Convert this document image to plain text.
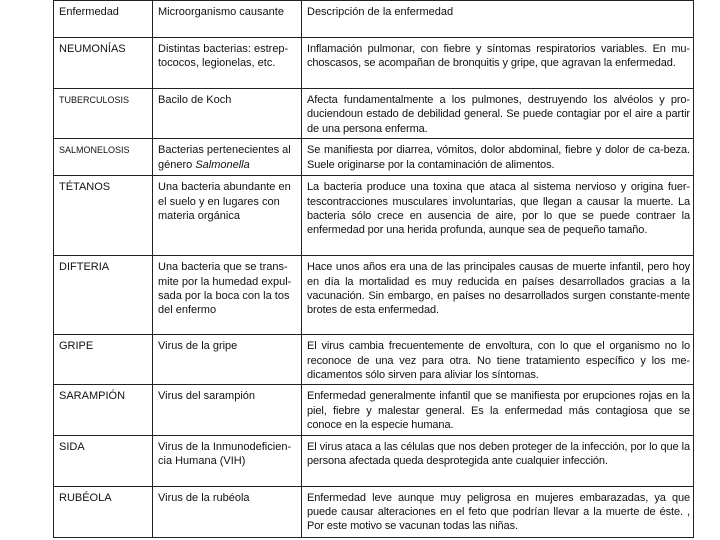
Enfermedad	Microorganismo causante	Descripción de la enfermedad
NEUMONÍAS	Distintas bacterias: estrep-tococos, legionelas, etc.	Inflamación pulmonar, con fiebre y síntomas respiratorios variables. En mu-choscasos, se acompañan de bronquitis y gripe, que agravan la enfermedad.
TUBERCULOSIS	Bacilo de Koch	Afecta fundamentalmente a los pulmones, destruyendo los alvéolos y pro-duciendoun estado de debilidad general. Se puede contagiar por el aire a partir de una persona enferma.
SALMONELOSIS	Bacterias pertenecientes al género Salmonella	Se manifiesta por diarrea, vómitos, dolor abdominal, fiebre y dolor de ca-beza. Suele originarse por la contaminación de alimentos.
TÉTANOS	Una bacteria abundante en el suelo y en lugares con materia orgánica	La bacteria produce una toxina que ataca al sistema nervioso y origina fuer-tescontracciones musculares involuntarias, que llegan a causar la muerte. La bacteria sólo crece en ausencia de aire, por lo que se puede contraer la enfermedad por una herida profunda, aunque sea de pequeño tamaño.
DIFTERIA	Una bacteria que se trans-mite por la humedad expul-sada por la boca con la tos del enfermo	Hace unos años era una de las principales causas de muerte infantil, pero hoy en día la mortalidad es muy reducida en países desarrollados gracias a la vacunación. Sin embargo, en países no desarrollados surgen constante-mente brotes de esta enfermedad.
GRIPE	Virus de la gripe	El virus cambia frecuentemente de envoltura, con lo que el organismo no lo reconoce de una vez para otra. No tiene tratamiento específico y los me-dicamentos sólo sirven para aliviar los síntomas.
SARAMPIÓN	Virus del sarampión	Enfermedad generalmente infantil que se manifiesta por erupciones rojas en la piel, fiebre y malestar general. Es la enfermedad más contagiosa que se conoce en la especie humana.
SIDA	Virus de la Inmunodeficien-cia Humana (VIH)	El virus ataca a las células que nos deben proteger de la infección, por lo que la persona afectada queda desprotegida ante cualquier infección.
RUBÉOLA	Virus de la rubéola	Enfermedad leve aunque muy peligrosa en mujeres embarazadas, ya que puede causar alteraciones en el feto que podrían llevar a la muerte de éste. , Por este motivo se vacunan todas las niñas.
